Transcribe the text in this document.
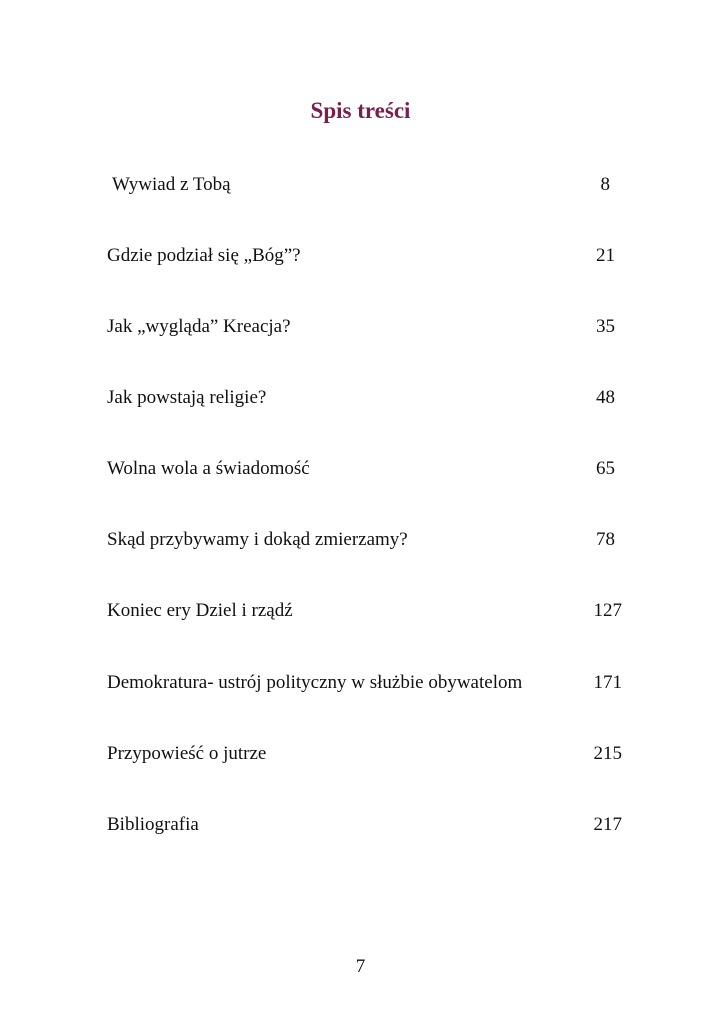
Spis treści
Wywiad z Tobą	8
Gdzie podział się „Bóg”?	21
Jak „wygląda” Kreacja?	35
Jak powstają religie?	48
Wolna wola a świadomość	65
Skąd przybywamy i dokąd zmierzamy?	78
Koniec ery Dziel i rządź	127
Demokratura- ustrój polityczny w służbie obywatelom	171
Przypowieść o jutrze	215
Bibliografia	217
7
